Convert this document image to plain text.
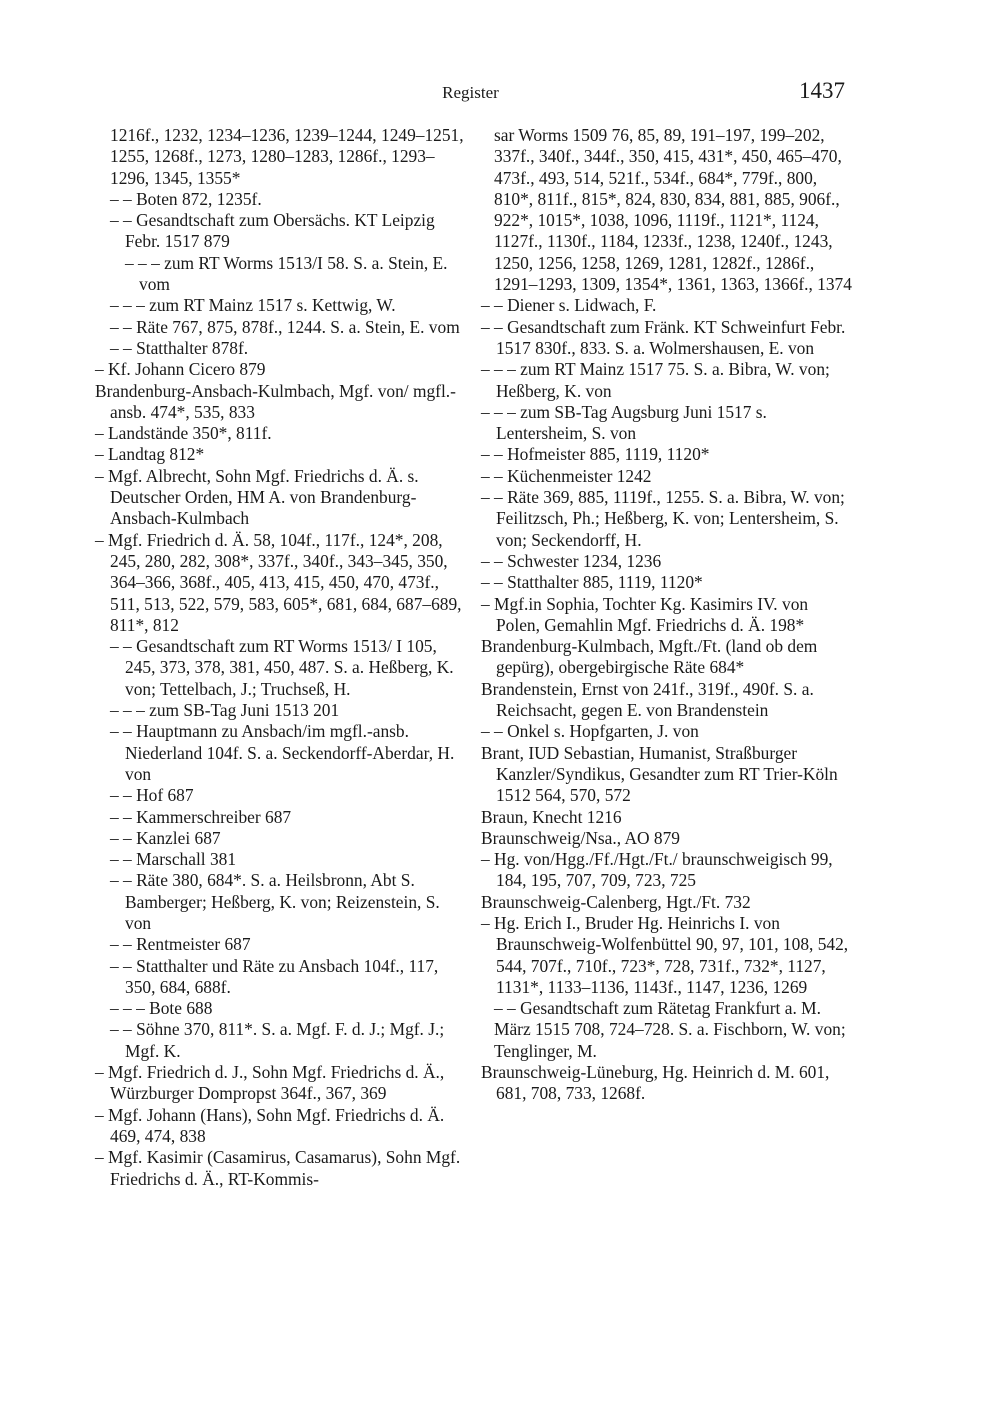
Register	1437
1216f., 1232, 1234–1236, 1239–1244, 1249–1251, 1255, 1268f., 1273, 1280–1283, 1286f., 1293–1296, 1345, 1355*
– – Boten 872, 1235f.
– – Gesandtschaft zum Obersächs. KT Leipzig Febr. 1517 879
– – – zum RT Worms 1513/I 58. S. a. Stein, E. vom
– – – zum RT Mainz 1517 s. Kettwig, W.
– – Räte 767, 875, 878f., 1244. S. a. Stein, E. vom
– – Statthalter 878f.
– Kf. Johann Cicero 879
Brandenburg-Ansbach-Kulmbach, Mgf. von/ mgfl.-ansb. 474*, 535, 833
– Landstände 350*, 811f.
– Landtag 812*
– Mgf. Albrecht, Sohn Mgf. Friedrichs d. Ä. s. Deutscher Orden, HM A. von Brandenburg-Ansbach-Kulmbach
– Mgf. Friedrich d. Ä. 58, 104f., 117f., 124*, 208, 245, 280, 282, 308*, 337f., 340f., 343–345, 350, 364–366, 368f., 405, 413, 415, 450, 470, 473f., 511, 513, 522, 579, 583, 605*, 681, 684, 687–689, 811*, 812
– – Gesandtschaft zum RT Worms 1513/ I 105, 245, 373, 378, 381, 450, 487. S. a. Heßberg, K. von; Tettelbach, J.; Truchseß, H.
– – – zum SB-Tag Juni 1513 201
– – Hauptmann zu Ansbach/im mgfl.-ansb. Niederland 104f. S. a. Seckendorff-Aberdar, H. von
– – Hof 687
– – Kammerschreiber 687
– – Kanzlei 687
– – Marschall 381
– – Räte 380, 684*. S. a. Heilsbronn, Abt S. Bamberger; Heßberg, K. von; Reizenstein, S. von
– – Rentmeister 687
– – Statthalter und Räte zu Ansbach 104f., 117, 350, 684, 688f.
– – – Bote 688
– – Söhne 370, 811*. S. a. Mgf. F. d. J.; Mgf. J.; Mgf. K.
– Mgf. Friedrich d. J., Sohn Mgf. Friedrichs d. Ä., Würzburger Dompropst 364f., 367, 369
– Mgf. Johann (Hans), Sohn Mgf. Friedrichs d. Ä. 469, 474, 838
– Mgf. Kasimir (Casamirus, Casamarus), Sohn Mgf. Friedrichs d. Ä., RT-Kommis-
sar Worms 1509 76, 85, 89, 191–197, 199–202, 337f., 340f., 344f., 350, 415, 431*, 450, 465–470, 473f., 493, 514, 521f., 534f., 684*, 779f., 800, 810*, 811f., 815*, 824, 830, 834, 881, 885, 906f., 922*, 1015*, 1038, 1096, 1119f., 1121*, 1124, 1127f., 1130f., 1184, 1233f., 1238, 1240f., 1243, 1250, 1256, 1258, 1269, 1281, 1282f., 1286f., 1291–1293, 1309, 1354*, 1361, 1363, 1366f., 1374
– – Diener s. Lidwach, F.
– – Gesandtschaft zum Fränk. KT Schweinfurt Febr. 1517 830f., 833. S. a. Wolmershausen, E. von
– – – zum RT Mainz 1517 75. S. a. Bibra, W. von; Heßberg, K. von
– – – zum SB-Tag Augsburg Juni 1517 s. Lentersheim, S. von
– – Hofmeister 885, 1119, 1120*
– – Küchenmeister 1242
– – Räte 369, 885, 1119f., 1255. S. a. Bibra, W. von; Feilitzsch, Ph.; Heßberg, K. von; Lentersheim, S. von; Seckendorff, H.
– – Schwester 1234, 1236
– – Statthalter 885, 1119, 1120*
– Mgf.in Sophia, Tochter Kg. Kasimirs IV. von Polen, Gemahlin Mgf. Friedrichs d. Ä. 198*
Brandenburg-Kulmbach, Mgft./Ft. (land ob dem gepürg), obergebirgische Räte 684*
Brandenstein, Ernst von 241f., 319f., 490f. S. a. Reichsacht, gegen E. von Brandenstein
– – Onkel s. Hopfgarten, J. von
Brant, IUD Sebastian, Humanist, Straßburger Kanzler/Syndikus, Gesandter zum RT Trier-Köln 1512 564, 570, 572
Braun, Knecht 1216
Braunschweig/Nsa., AO 879
– Hg. von/Hgg./Ff./Hgt./Ft./ braunschweigisch 99, 184, 195, 707, 709, 723, 725
Braunschweig-Calenberg, Hgt./Ft. 732
– Hg. Erich I., Bruder Hg. Heinrichs I. von Braunschweig-Wolfenbüttel 90, 97, 101, 108, 542, 544, 707f., 710f., 723*, 728, 731f., 732*, 1127, 1131*, 1133–1136, 1143f., 1147, 1236, 1269
– – Gesandtschaft zum Rätetag Frankfurt a. M. März 1515 708, 724–728. S. a. Fischborn, W. von; Tenglinger, M.
Braunschweig-Lüneburg, Hg. Heinrich d. M. 601, 681, 708, 733, 1268f.
